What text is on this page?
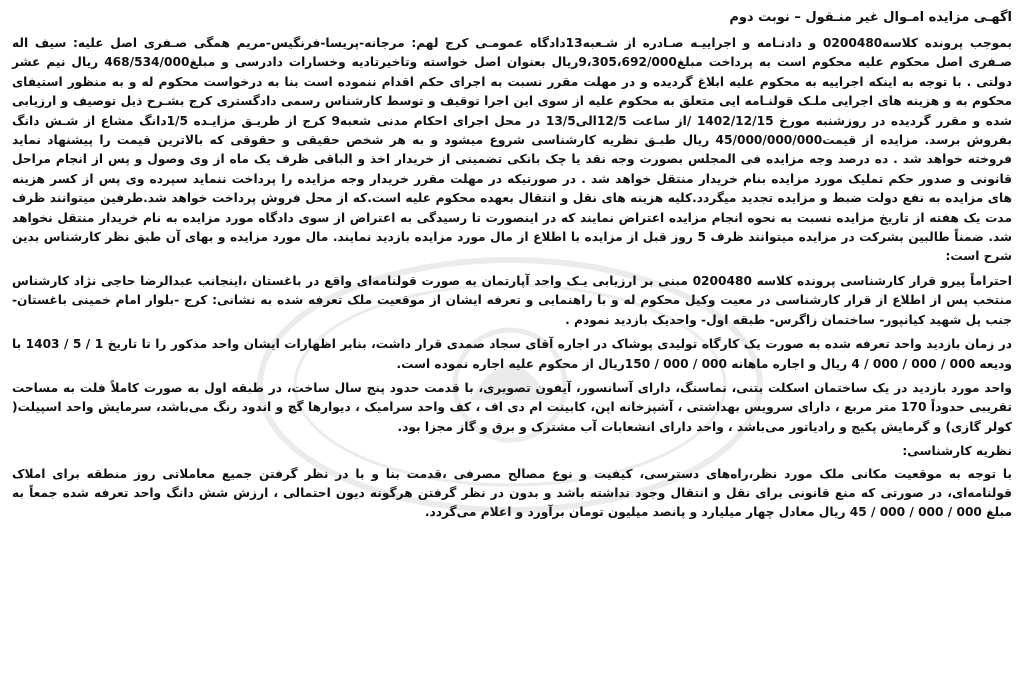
اگهـی مزایده امـوال غیر منـقول – نوبت دوم

بموجب پرونده کلاسه0200480 و دادنـامه و اجراییـه صـادره از شـعبه13دادگاه عمومـی کرج لهم: مرجانه-پریسا-فرنگیس-مریم همگی صـفری اصل علیه: سیف اله صـفری اصل محکوم علیه محکوم است به پرداخت مبلغ9،305،692/000ریال بعنوان اصل خواسته وتاخیرتادیه وخسارات دادرسی و مبلغ468/534/000 ریال نیم عشر دولتی . با توجه به اینکه اجراییه به محکوم علیه ابلاغ گردیده و در مهلت مقرر نسبت به اجرای حکم اقدام ننموده است بنا به درخواست محکوم له و به منظور استیفای محکوم به و هزینه های اجرایی ملـک قولنـامه ایی متعلق به محکوم علیه از سوی این اجرا توقیف و توسط کارشناس رسمی دادگستری کرج بشـرح ذیل توصیف و ارزیابی شده و مقرر گردیده در روزشنبه مورخ 1402/12/15 /از ساعت 12/5الی13/5 در محل اجرای احکام مدنی شعبه9 کرج از طریـق مزایـده 1/5دانگ مشاع از شـش دانگ بفروش برسد. مزایده از قیمت45/000/000/000 ریال طبـق نظریه کارشناسی شروع میشود و به هر شخص حقیقی و حقوقی که بالاترین قیمت را پیشنهاد نماید فروخته خواهد شد . ده درصد وجه مزایده فی المجلس بصورت وجه نقد یا چک بانکی تضمینی از خریدار اخذ و الباقی ظرف یک ماه از وی وصول و پس از انجام مراحل قانونی و صدور حکم تملیک مورد مزایده بنام خریدار منتقل خواهد شد . در صورتیکه در مهلت مقرر خریدار وجه مزایده را پرداخت ننماید سپرده وی پس از کسر هزینه های مزایده به نفع دولت ضبط و مزایده تجدید میگردد.کلیه هزینه های نقل و انتقال بعهده محکوم علیه است.که از محل فروش پرداخت خواهد شد.طرفین میتوانند ظرف مدت یک هفته از تاریخ مزایده نسبت به نحوه انجام مزایده اعتراض نمایند که در اینصورت تا رسیدگی به اعتراض از سوی دادگاه مورد مزایده به نام خریدار منتقل نخواهد شد. ضمناً طالبین بشرکت در مزایده میتوانند ظرف 5 روز قبل از مزایده با اطلاع از مال مورد مزایده بازدید نمایند. مال مورد مزایده و بهای آن طبق نظر کارشناس بدین شرح است:

احتراماً پیرو قرار کارشناسی پرونده کلاسه 0200480 مبنی بر ارزیابی یـک واحد آپارتمان به صورت قولنامه‌ای واقع در باغستان ،اینجانب عبدالرضا حاجی نژاد کارشناس منتخب پس از اطلاع از قرار کارشناسی در معیت وکیل محکوم له و با راهنمایی و تعرفه ایشان از موقعیت ملک تعرفه شده به نشانی: کرج -بلوار امام خمینی باغستان- جنب پل شهید کیانپور- ساختمان زاگرس- طبقه اول- واحدیک بازدید نمودم .

در زمان بازدید واحد تعرفه شده به صورت یک کارگاه تولیدی پوشاک در اجاره آقای سجاد صمدی قرار داشت، بنابر اظهارات ایشان واحد مذکور را تا تاریخ 1 / 5 / 1403 با ودیعه 000 / 000 / 000 / 4 ریال و اجاره ماهانه 000 / 000 / 150ریال از محکوم علیه اجاره نموده است.

واحد مورد بازدید در یک ساختمان اسکلت بتنی، نماسنگ، دارای آسانسور، آیفون تصویری، با قدمت حدود پنج سال ساخت، در طبقه اول به صورت کاملاً فلت به مساحت تقریبی حدوداً 170 متر مربع ، دارای سرویس بهداشتی ، آشپزخانه اپن، کابینت ام دی اف ، کف واحد سرامیک ، دیوارها گچ و اندود رنگ می‌باشد، سرمایش واحد اسپیلت( کولر گازی) و گرمایش پکیج و رادیاتور می‌باشد ، واحد دارای انشعابات آب مشترک و برق و گاز مجزا بود.

نظریه کارشناسی:

با توجه به موقعیت مکانی ملک مورد نظر،راه‌های دسترسی، کیفیت و نوع مصالح مصرفی ،قدمت بنا و با در نظر گرفتن جمیع معاملاتی روز منطقه برای املاک قولنامه‌ای، در صورتی که منع قانونی برای نقل و انتقال وجود نداشته باشد و بدون در نظر گرفتن هرگونه دیون احتمالی ، ارزش شش دانگ واحد تعرفه شده جمعاً به مبلغ 000 / 000 / 000 / 45 ریال معادل چهار میلیارد و پانصد میلیون تومان برآورد و اعلام می‌گردد.
